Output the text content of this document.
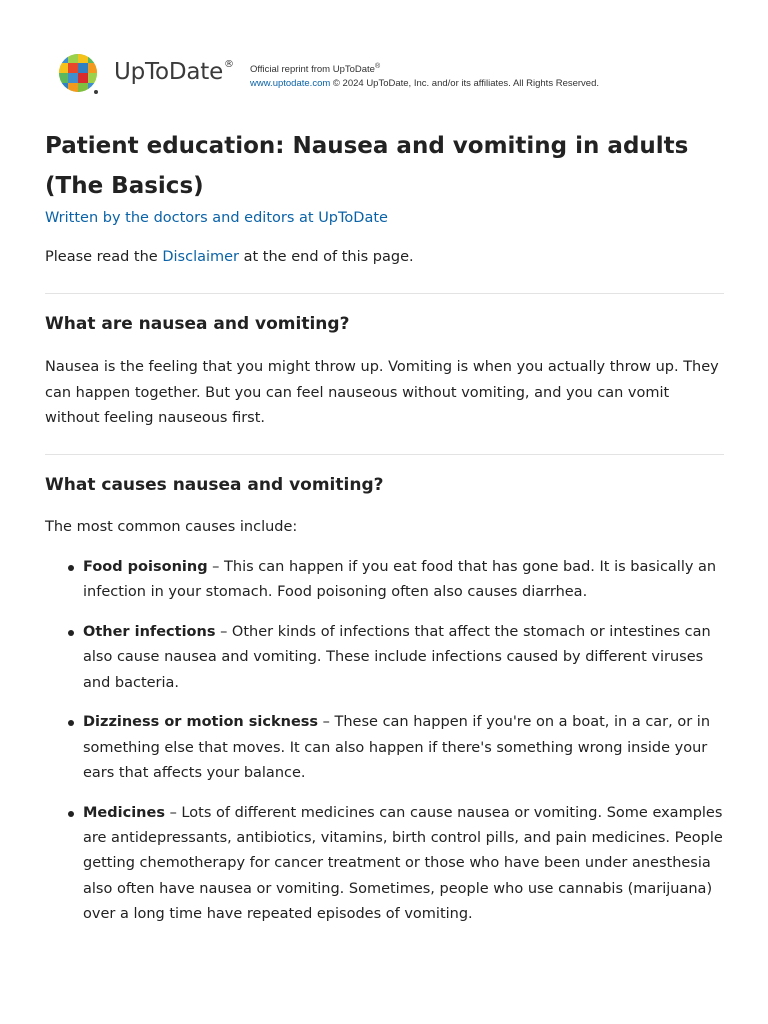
UpToDate® Official reprint from UpToDate®
www.uptodate.com © 2024 UpToDate, Inc. and/or its affiliates. All Rights Reserved.
Patient education: Nausea and vomiting in adults (The Basics)
Written by the doctors and editors at UpToDate
Please read the Disclaimer at the end of this page.
What are nausea and vomiting?

Nausea is the feeling that you might throw up. Vomiting is when you actually throw up. They can happen together. But you can feel nauseous without vomiting, and you can vomit without feeling nauseous first.

What causes nausea and vomiting?

The most common causes include:

Food poisoning – This can happen if you eat food that has gone bad. It is basically an infection in your stomach. Food poisoning often also causes diarrhea.
Other infections – Other kinds of infections that affect the stomach or intestines can also cause nausea and vomiting. These include infections caused by different viruses and bacteria.
Dizziness or motion sickness – These can happen if you're on a boat, in a car, or in something else that moves. It can also happen if there's something wrong inside your ears that affects your balance.
Medicines – Lots of different medicines can cause nausea or vomiting. Some examples are antidepressants, antibiotics, vitamins, birth control pills, and pain medicines. People getting chemotherapy for cancer treatment or those who have been under anesthesia also often have nausea or vomiting. Sometimes, people who use cannabis (marijuana) over a long time have repeated episodes of vomiting.
